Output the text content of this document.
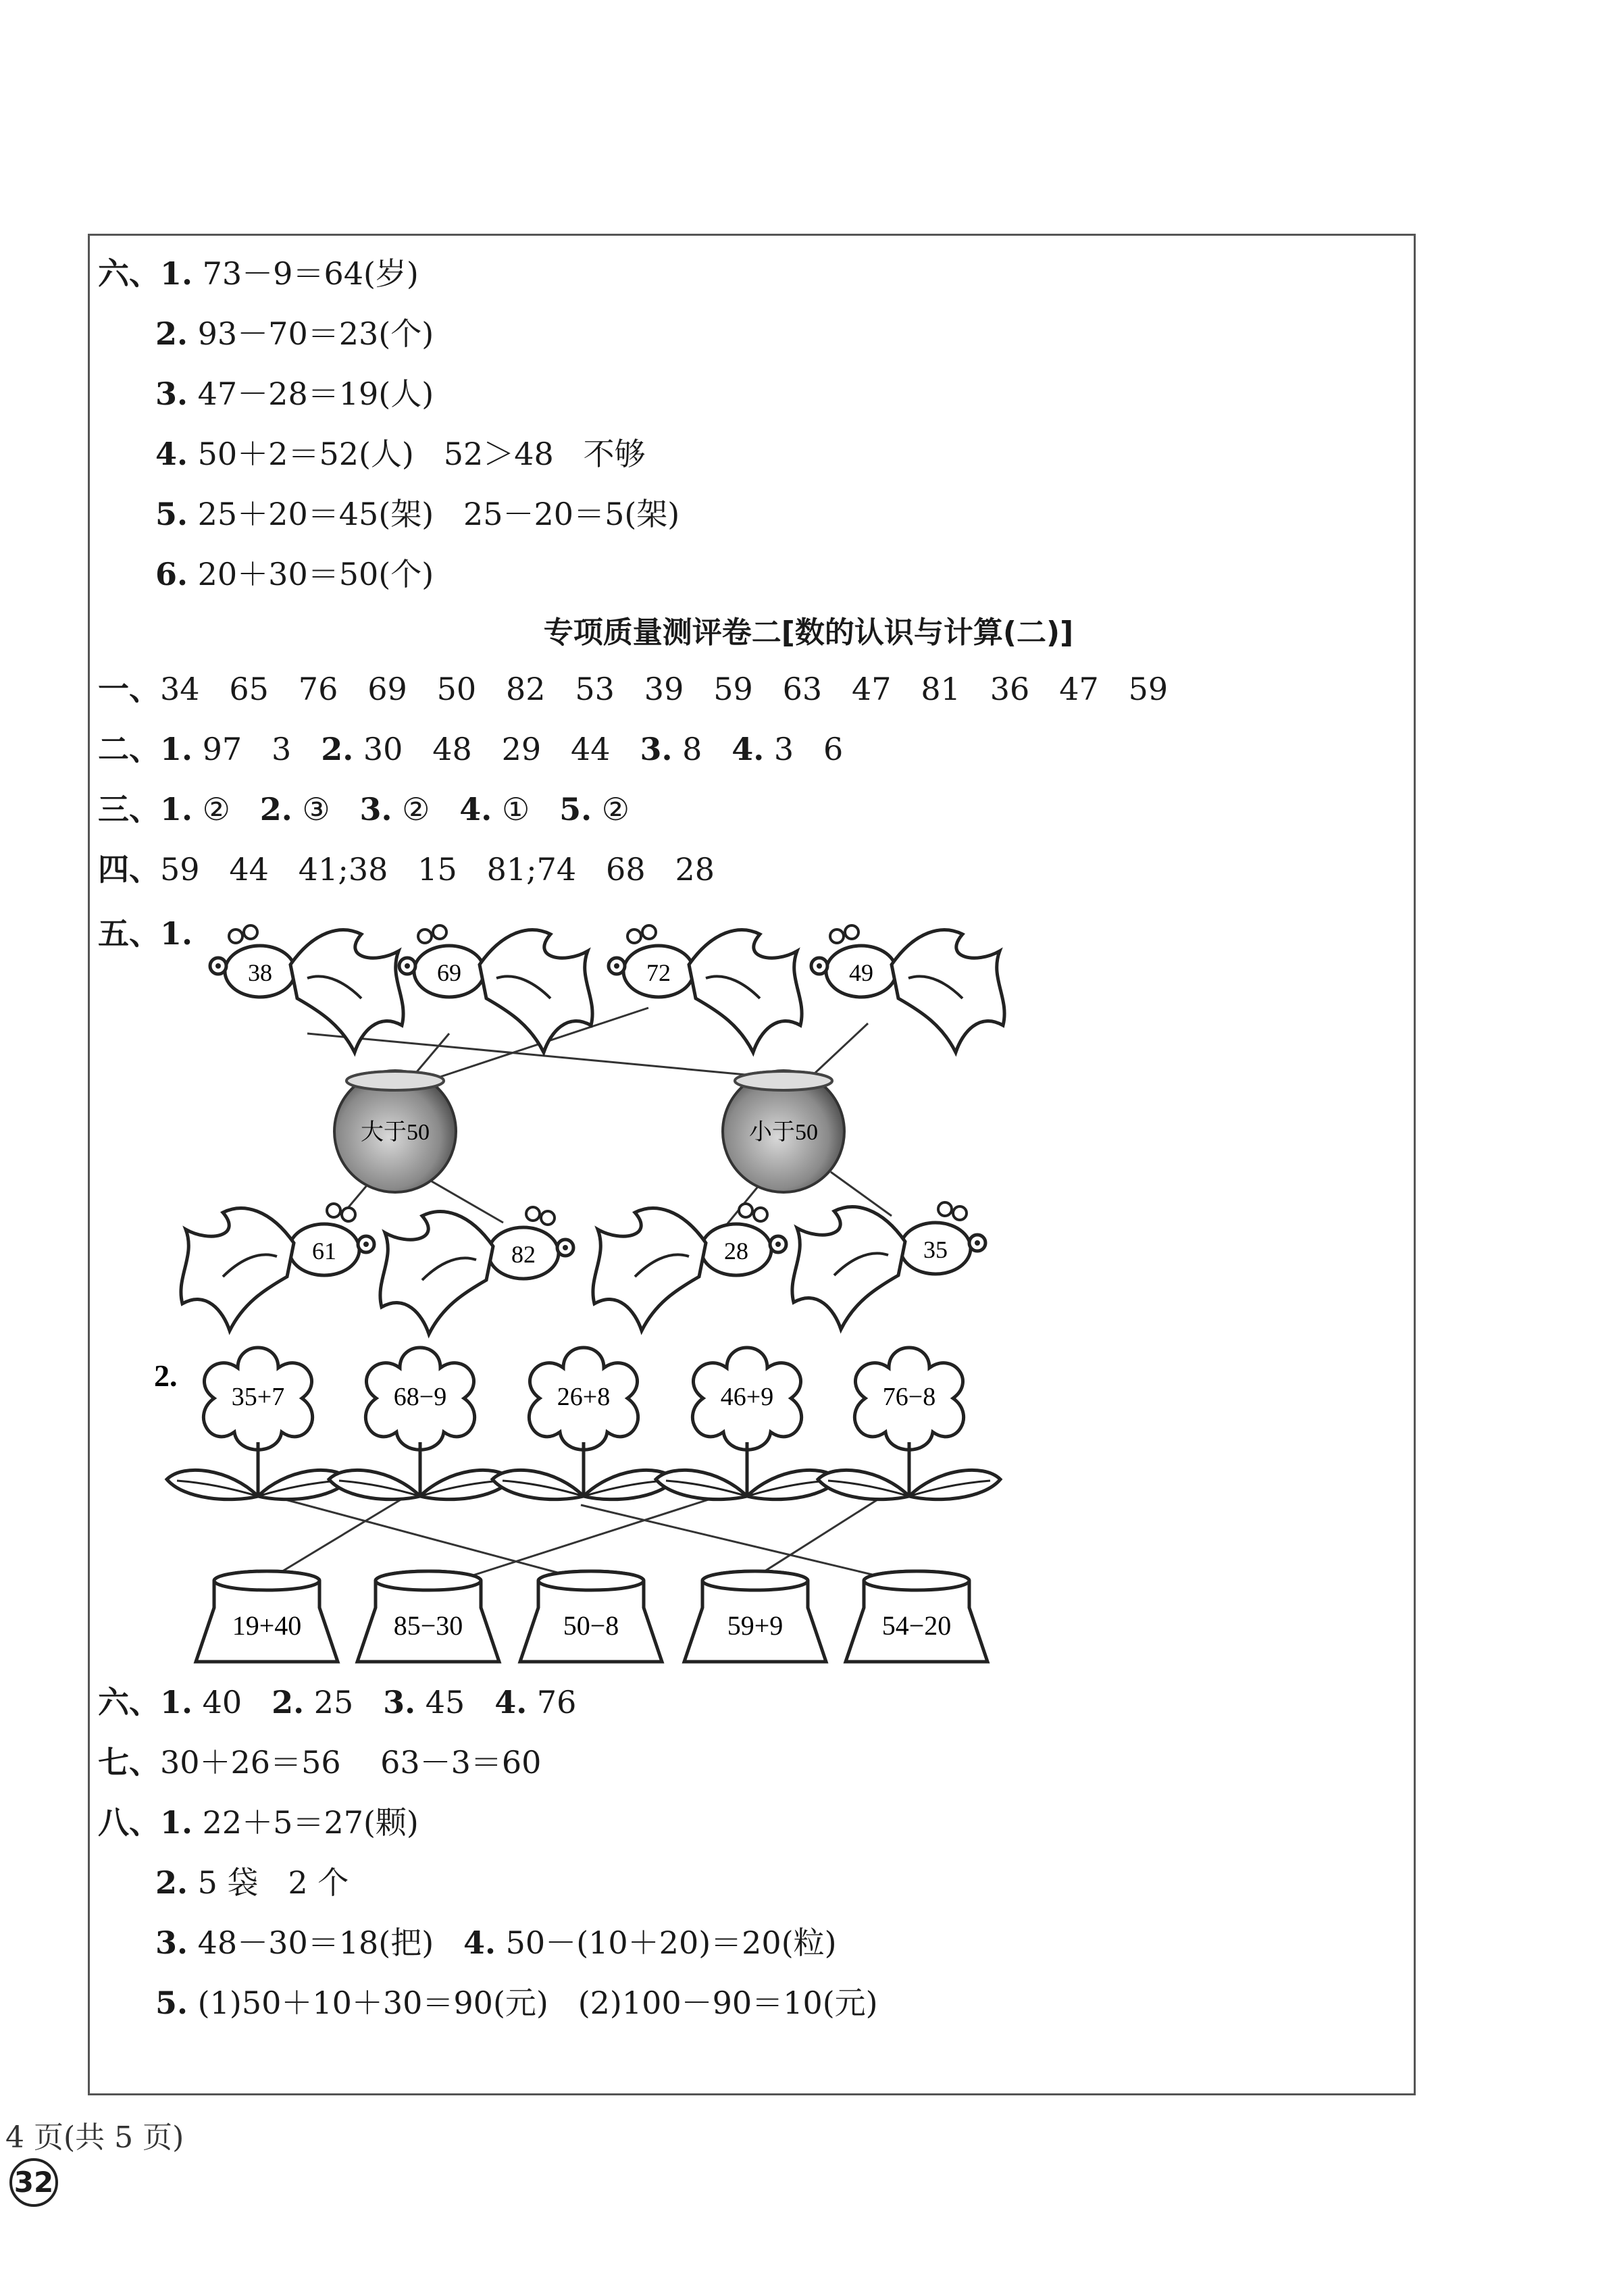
六、1. 73－9＝64(岁)
2. 93－70＝23(个)
3. 47－28＝19(人)
4. 50＋2＝52(人)   52＞48   不够
5. 25＋20＝45(架)   25－20＝5(架)
6. 20＋30＝50(个)
专项质量测评卷二[数的认识与计算(二)]
一、34   65   76   69   50   82   53   39   59   63   47   81   36   47   59
二、1. 97   3   2. 30   48   29   44   3. 8   4. 3   6
三、1. ②   2. ③   3. ②   4. ①   5. ②
四、59   44   41;38   15   81;74   68   28
五、1.
38	69	72	49
大于50	小于50
61	82	28	35
2.
35+7	68−9	26+8	46+9	76−8
19+40	85−30	50−8	59+9	54−20
六、1. 40   2. 25   3. 45   4. 76
七、30＋26＝56    63－3＝60
八、1. 22＋5＝27(颗)
2. 5 袋   2 个
3. 48－30＝18(把)   4. 50－(10＋20)＝20(粒)
5. (1)50＋10＋30＝90(元)   (2)100－90＝10(元)
4 页(共 5 页)
32
